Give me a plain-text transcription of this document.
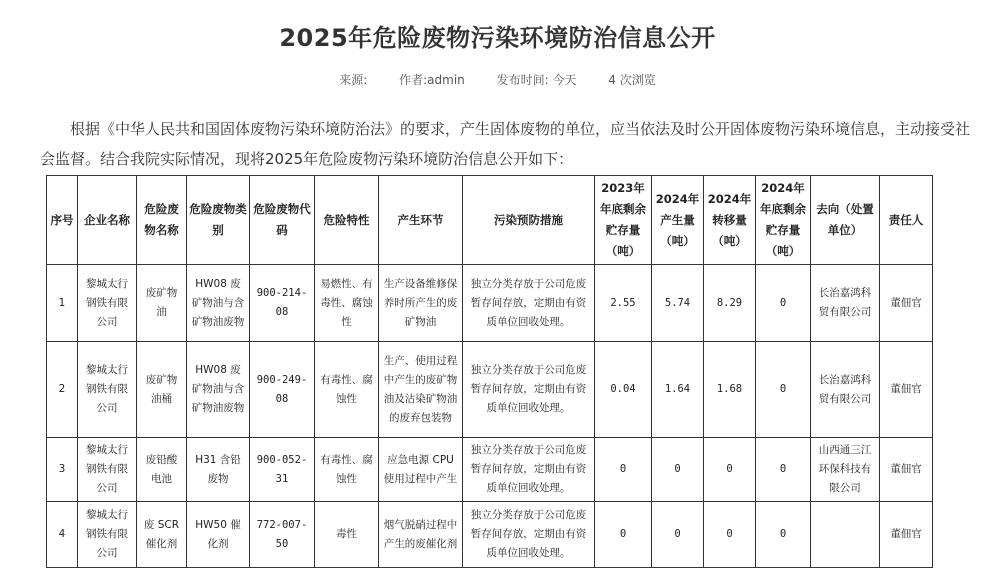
2025年危险废物污染环境防治信息公开
来源:	作者:admin	发布时间: 今天	4 次浏览

根据《中华人民共和国固体废物污染环境防治法》的要求，产生固体废物的单位，应当依法及时公开固体废物污染环境信息，主动接受社会监督。结合我院实际情况，现将2025年危险废物污染环境防治信息公开如下：

序号	企业名称	危险废物名称	危险废物类别	危险废物代码	危险特性	产生环节	污染预防措施	2023年年底剩余贮存量（吨）	2024年产生量（吨）	2024年转移量（吨）	2024年年底剩余贮存量（吨）	去向（处置单位）	责任人
1	黎城太行钢铁有限公司	废矿物油	HW08 废矿物油与含矿物油废物	900-214-08	易燃性、有毒性、腐蚀性	生产设备维修保养时所产生的废矿物油	独立分类存放于公司危废暂存间存放，定期由有资质单位回收处理。	2.55	5.74	8.29	0	长治嘉鸿科贸有限公司	董佃官
2	黎城太行钢铁有限公司	废矿物油桶	HW08 废矿物油与含矿物油废物	900-249-08	有毒性、腐蚀性	生产、使用过程中产生的废矿物油及沾染矿物油的废弃包装物	独立分类存放于公司危废暂存间存放，定期由有资质单位回收处理。	0.04	1.64	1.68	0	长治嘉鸿科贸有限公司	董佃官
3	黎城太行钢铁有限公司	废铅酸电池	H31 含铅废物	900-052-31	有毒性、腐蚀性	应急电源 CPU 使用过程中产生	独立分类存放于公司危废暂存间存放，定期由有资质单位回收处理。	0	0	0	0	山西通三江环保科技有限公司	董佃官
4	黎城太行钢铁有限公司	废 SCR 催化剂	HW50 催化剂	772-007-50	毒性	烟气脱硝过程中产生的废催化剂	独立分类存放于公司危废暂存间存放，定期由有资质单位回收处理。	0	0	0	0		董佃官
